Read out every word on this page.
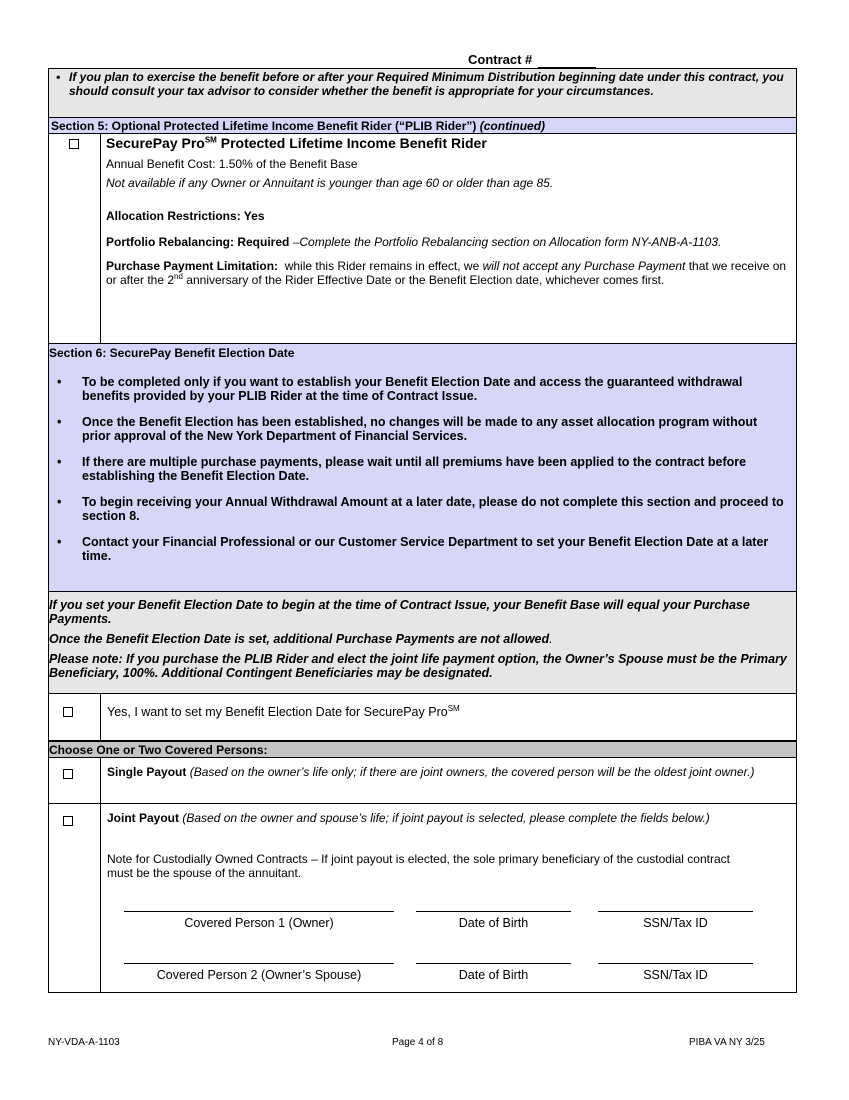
Contract #
• If you plan to exercise the benefit before or after your Required Minimum Distribution beginning date under this contract, you should consult your tax advisor to consider whether the benefit is appropriate for your circumstances.
Section 5: Optional Protected Lifetime Income Benefit Rider (“PLIB Rider”) (continued)
SecurePay Pro℠ Protected Lifetime Income Benefit Rider
Annual Benefit Cost: 1.50% of the Benefit Base
Not available if any Owner or Annuitant is younger than age 60 or older than age 85.
Allocation Restrictions: Yes
Portfolio Rebalancing: Required –Complete the Portfolio Rebalancing section on Allocation form NY-ANB-A-1103.
Purchase Payment Limitation: while this Rider remains in effect, we will not accept any Purchase Payment that we receive on or after the 2nd anniversary of the Rider Effective Date or the Benefit Election date, whichever comes first.
Section 6: SecurePay Benefit Election Date
• To be completed only if you want to establish your Benefit Election Date and access the guaranteed withdrawal benefits provided by your PLIB Rider at the time of Contract Issue.
• Once the Benefit Election has been established, no changes will be made to any asset allocation program without prior approval of the New York Department of Financial Services.
• If there are multiple purchase payments, please wait until all premiums have been applied to the contract before establishing the Benefit Election Date.
• To begin receiving your Annual Withdrawal Amount at a later date, please do not complete this section and proceed to section 8.
• Contact your Financial Professional or our Customer Service Department to set your Benefit Election Date at a later time.
If you set your Benefit Election Date to begin at the time of Contract Issue, your Benefit Base will equal your Purchase Payments.
Once the Benefit Election Date is set, additional Purchase Payments are not allowed.
Please note: If you purchase the PLIB Rider and elect the joint life payment option, the Owner’s Spouse must be the Primary Beneficiary, 100%. Additional Contingent Beneficiaries may be designated.
Yes, I want to set my Benefit Election Date for SecurePay Pro℠
Choose One or Two Covered Persons:
Single Payout (Based on the owner’s life only; if there are joint owners, the covered person will be the oldest joint owner.)
Joint Payout (Based on the owner and spouse’s life; if joint payout is selected, please complete the fields below.)
Note for Custodially Owned Contracts – If joint payout is elected, the sole primary beneficiary of the custodial contract must be the spouse of the annuitant.
Covered Person 1 (Owner)	Date of Birth	SSN/Tax ID
Covered Person 2 (Owner’s Spouse)	Date of Birth	SSN/Tax ID
NY-VDA-A-1103	Page 4 of 8	PIBA VA NY 3/25
